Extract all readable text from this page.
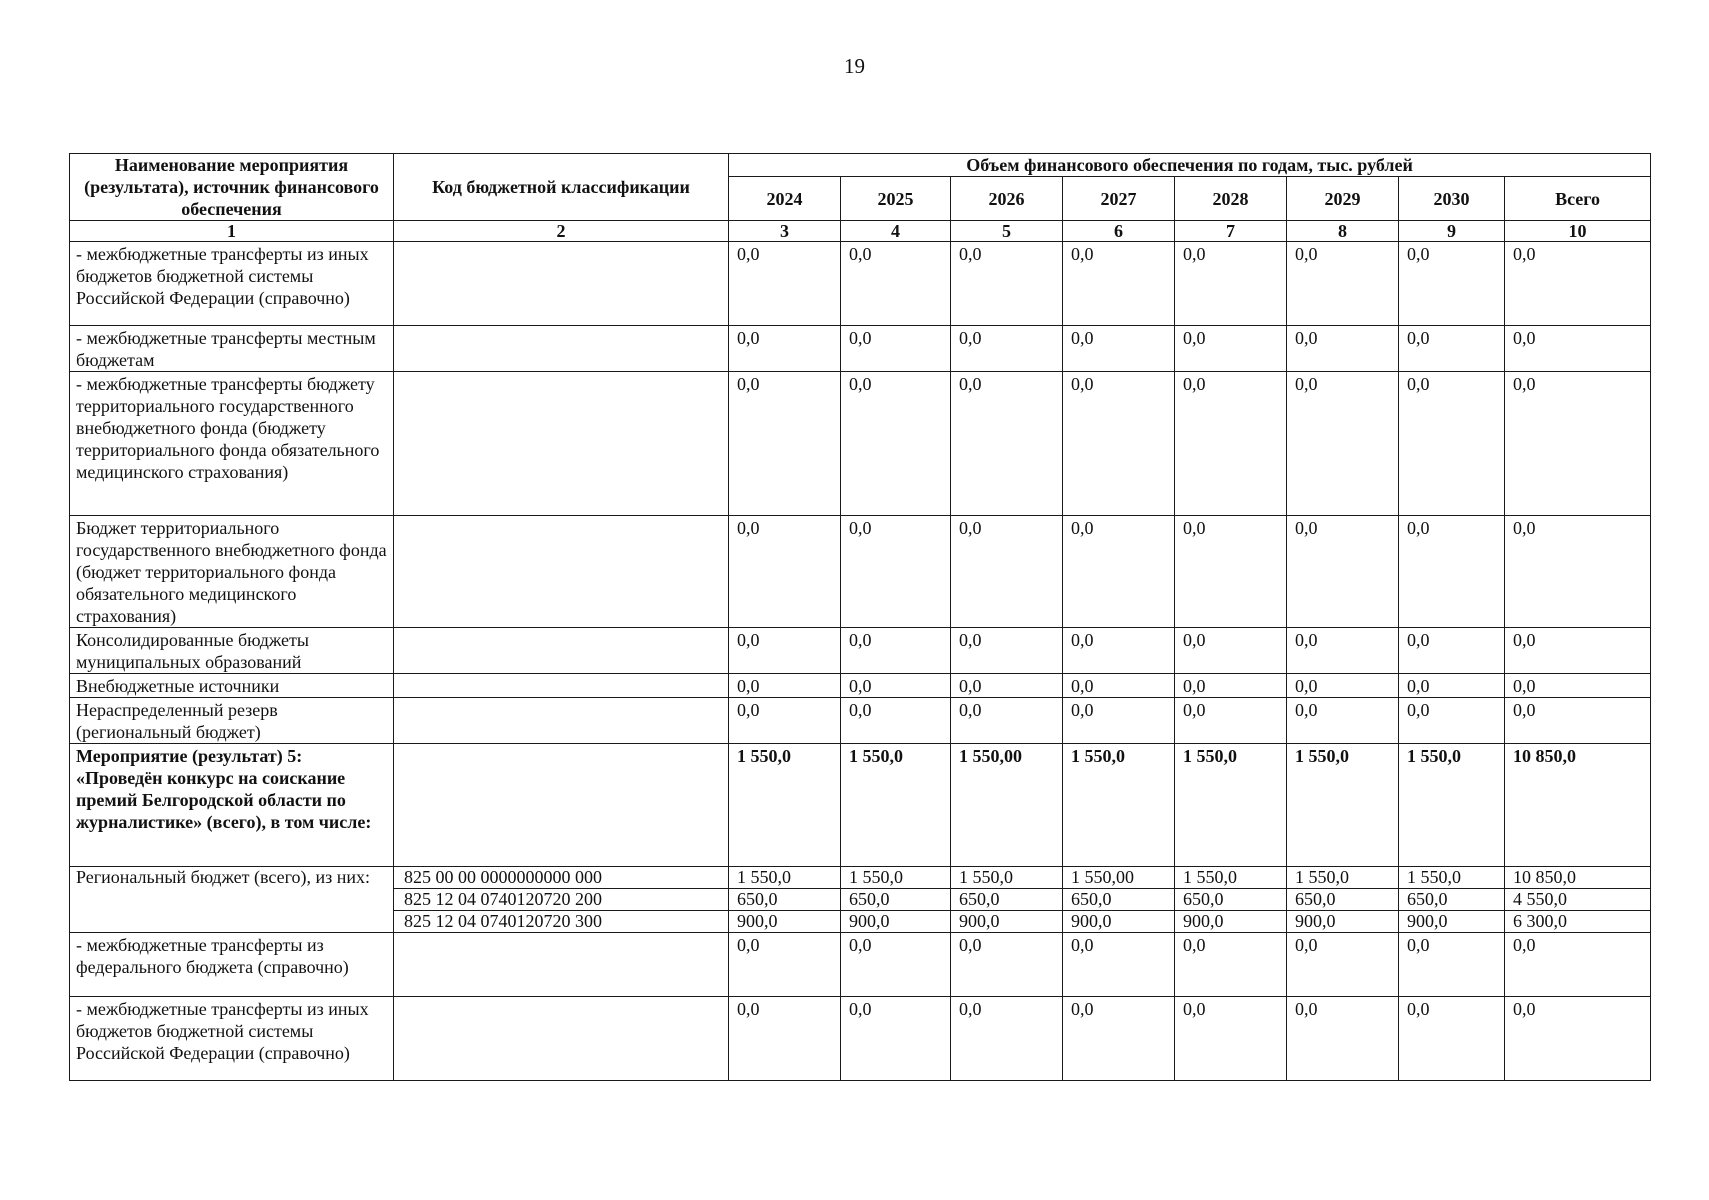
19
Наименование мероприятия (результата), источник финансового обеспечения	Код бюджетной классификации	Объем финансового обеспечения по годам, тыс. рублей							
		2024	2025	2026	2027	2028	2029	2030	Всего
1	2	3	4	5	6	7	8	9	10
- межбюджетные трансферты из иных бюджетов бюджетной системы Российской Федерации (справочно)		0,0	0,0	0,0	0,0	0,0	0,0	0,0	0,0
- межбюджетные трансферты местным бюджетам		0,0	0,0	0,0	0,0	0,0	0,0	0,0	0,0
- межбюджетные трансферты бюджету территориального государственного внебюджетного фонда (бюджету территориального фонда обязательного медицинского страхования)		0,0	0,0	0,0	0,0	0,0	0,0	0,0	0,0
Бюджет территориального государственного внебюджетного фонда (бюджет территориального фонда обязательного медицинского страхования)		0,0	0,0	0,0	0,0	0,0	0,0	0,0	0,0
Консолидированные бюджеты муниципальных образований		0,0	0,0	0,0	0,0	0,0	0,0	0,0	0,0
Внебюджетные источники		0,0	0,0	0,0	0,0	0,0	0,0	0,0	0,0
Нераспределенный резерв (региональный бюджет)		0,0	0,0	0,0	0,0	0,0	0,0	0,0	0,0
Мероприятие (результат) 5: «Проведён конкурс на соискание премий Белгородской области по журналистике» (всего), в том числе:		1 550,0	1 550,0	1 550,00	1 550,0	1 550,0	1 550,0	1 550,0	10 850,0
Региональный бюджет (всего), из них:	825 00 00 0000000000 000	1 550,0	1 550,0	1 550,0	1 550,00	1 550,0	1 550,0	1 550,0	10 850,0
	825 12 04 0740120720 200	650,0	650,0	650,0	650,0	650,0	650,0	650,0	4 550,0
	825 12 04 0740120720 300	900,0	900,0	900,0	900,0	900,0	900,0	900,0	6 300,0
- межбюджетные трансферты из федерального бюджета (справочно)		0,0	0,0	0,0	0,0	0,0	0,0	0,0	0,0
- межбюджетные трансферты из иных бюджетов бюджетной системы Российской Федерации (справочно)		0,0	0,0	0,0	0,0	0,0	0,0	0,0	0,0
